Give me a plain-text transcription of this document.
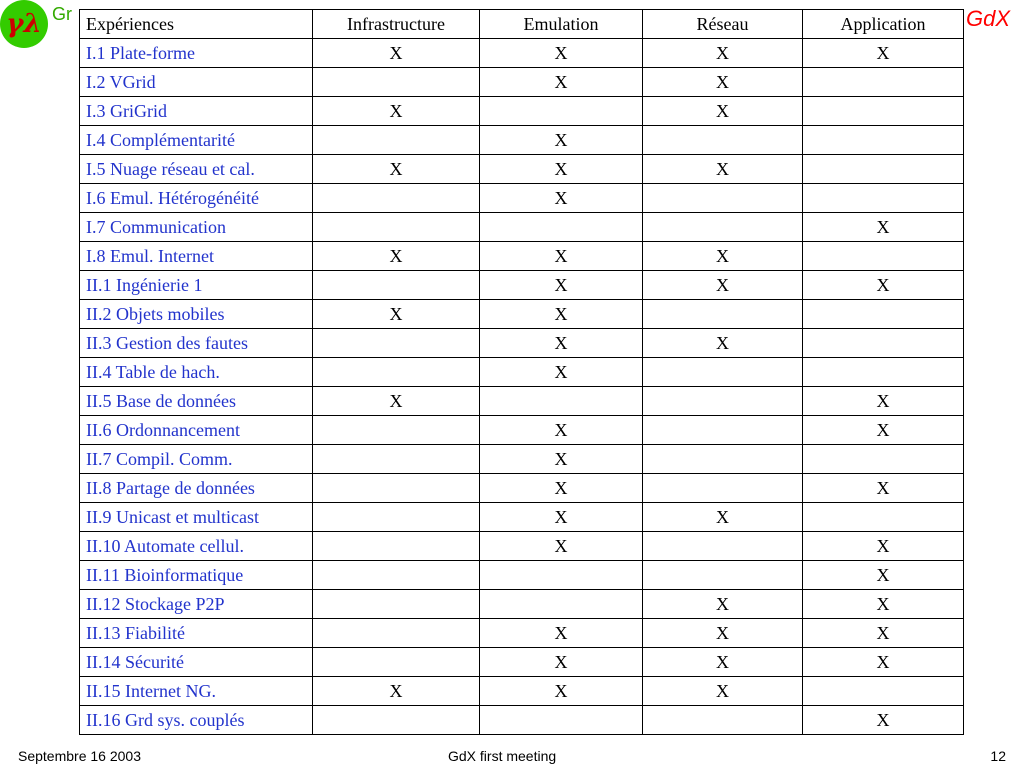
γλ Gr	GdX
Septembre 16 2003	GdX first meeting	12
Expériences	Infrastructure	Emulation	Réseau	Application
I.1 Plate-forme	X	X	X	X
I.2 VGrid		X	X	
I.3 GriGrid	X		X	
I.4 Complémentarité		X		
I.5 Nuage réseau et cal.	X	X	X	
I.6 Emul. Hétérogénéité		X		
I.7 Communication				X
I.8 Emul. Internet	X	X	X	
II.1 Ingénierie 1		X	X	X
II.2 Objets mobiles	X	X		
II.3 Gestion des fautes		X	X	
II.4 Table de hach.		X		
II.5 Base de données	X			X
II.6 Ordonnancement		X		X
II.7 Compil. Comm.		X		
II.8 Partage de données		X		X
II.9 Unicast et multicast		X	X	
II.10 Automate cellul.		X		X
II.11 Bioinformatique				X
II.12 Stockage P2P			X	X
II.13 Fiabilité		X	X	X
II.14 Sécurité		X	X	X
II.15 Internet NG.	X	X	X	
II.16 Grd sys. couplés				X
